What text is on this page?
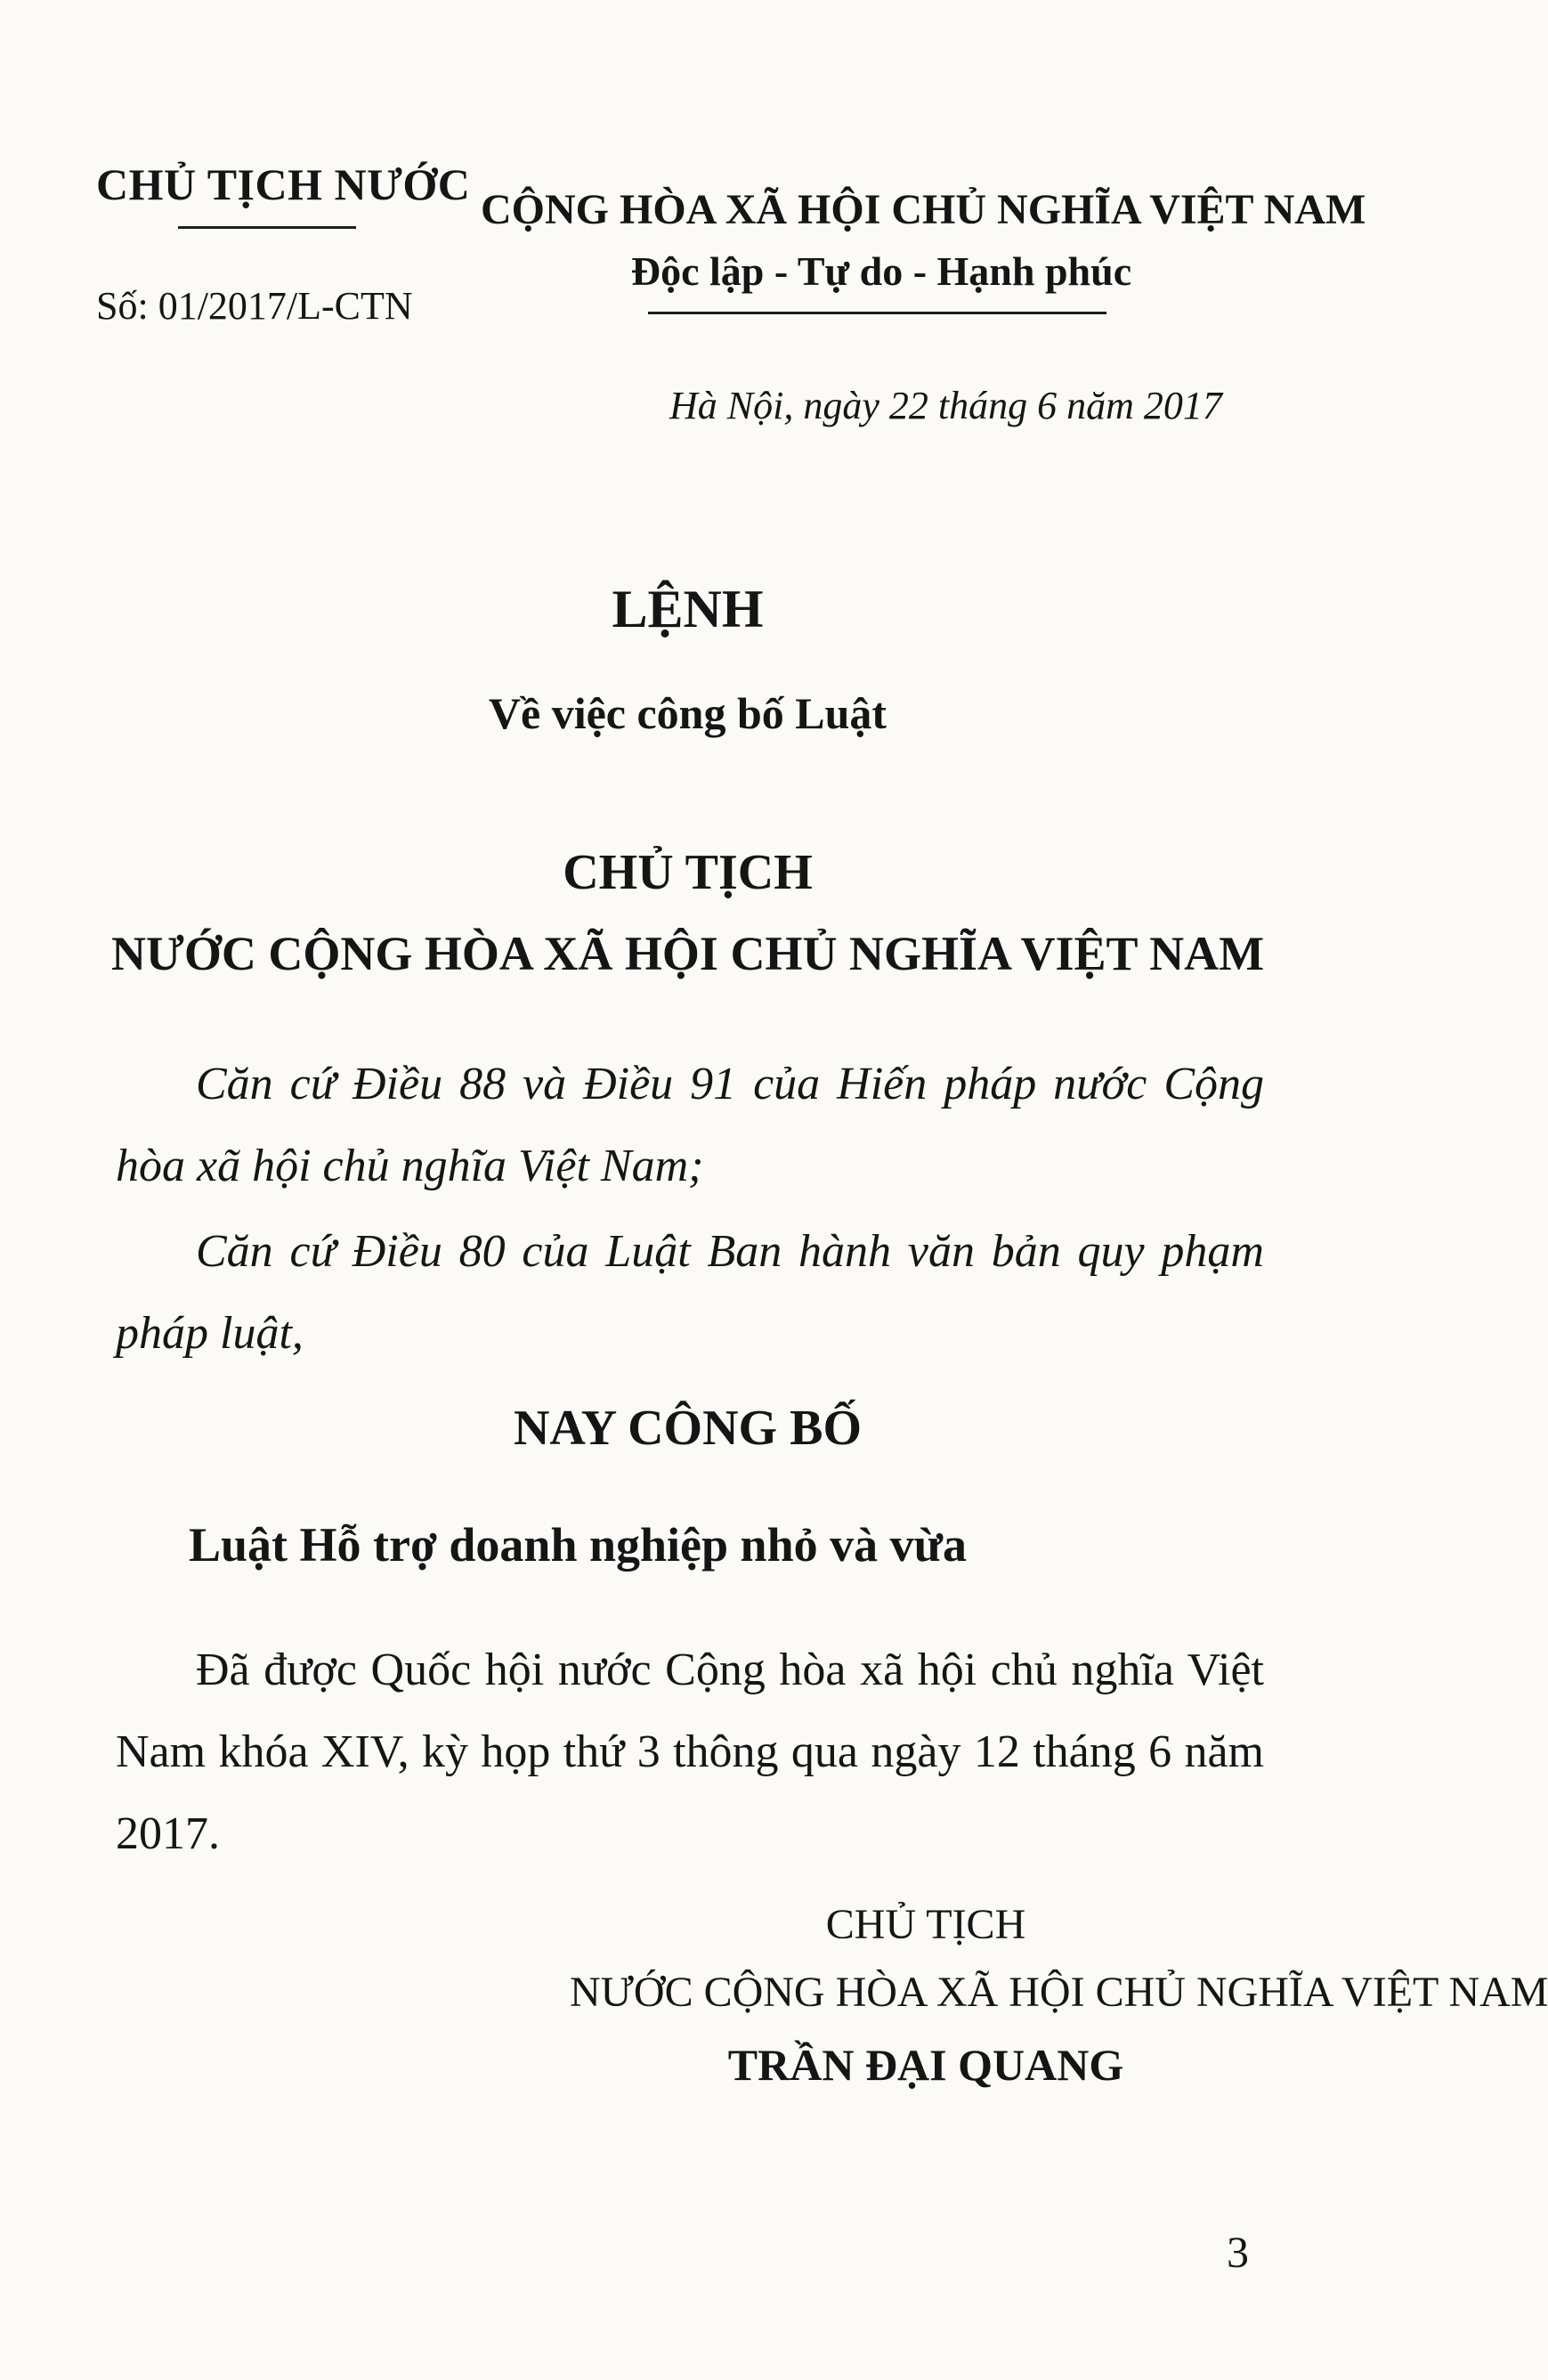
CHỦ TỊCH NƯỚC
Số: 01/2017/L-CTN
CỘNG HÒA XÃ HỘI CHỦ NGHĨA VIỆT NAM
Độc lập - Tự do - Hạnh phúc
Hà Nội, ngày 22 tháng 6 năm 2017
LỆNH
Về việc công bố Luật
CHỦ TỊCH
NƯỚC CỘNG HÒA XÃ HỘI CHỦ NGHĨA VIỆT NAM
Căn cứ Điều 88 và Điều 91 của Hiến pháp nước Cộng hòa xã hội chủ nghĩa Việt Nam;
Căn cứ Điều 80 của Luật Ban hành văn bản quy phạm pháp luật,
NAY CÔNG BỐ
Luật Hỗ trợ doanh nghiệp nhỏ và vừa
Đã được Quốc hội nước Cộng hòa xã hội chủ nghĩa Việt Nam khóa XIV, kỳ họp thứ 3 thông qua ngày 12 tháng 6 năm 2017.
CHỦ TỊCH
NƯỚC CỘNG HÒA XÃ HỘI CHỦ NGHĨA VIỆT NAM
TRẦN ĐẠI QUANG
3
